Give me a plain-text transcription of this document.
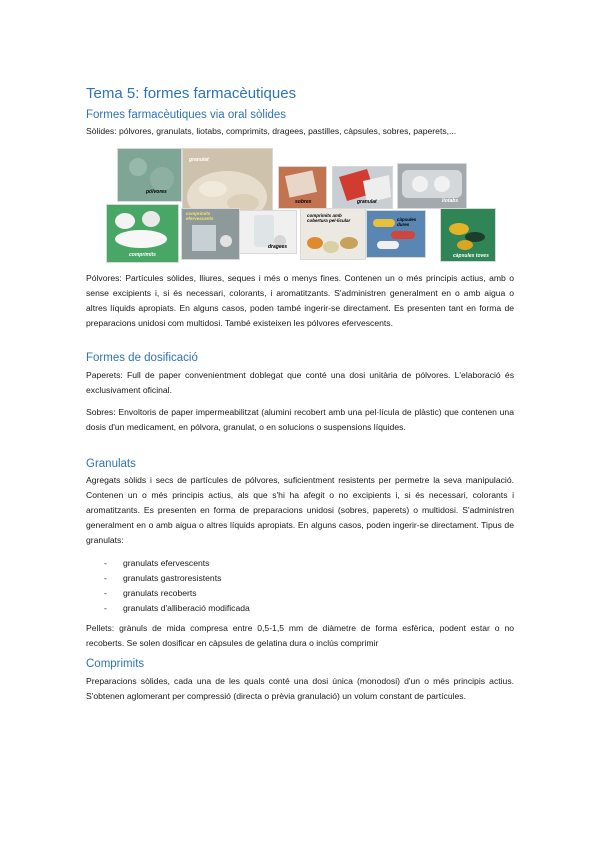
Tema 5: formes farmacèutiques
Formes farmacèutiques via oral sòlides
Sòlides: pólvores, granulats, liotabs, comprimits, dragees, pastilles, càpsules, sobres, paperets,...
pólvores
granulat
sobres	granulat	liotabs
comprimits
comprimits efervescents
dragees
comprimits amb cobertura pel·licular	càpsules dures
càpsules toves
Pólvores: Partícules sòlides, lliures, seques i més o menys fines. Contenen un o més principis actius, amb o sense excipients i, si és necessari, colorants, i aromatitzants. S'administren generalment en o amb aigua o altres líquids apropiats. En alguns casos, poden també ingerir-se directament. Es presenten tant en forma de preparacions unidosi com multidosi. També existeixen les pólvores efervescents.
Formes de dosificació
Paperets: Full de paper convenientment doblegat que conté una dosi unitària de pólvores. L'elaboració és exclusivament oficinal.
Sobres: Envoltoris de paper impermeabilitzat (alumini recobert amb una pel·lícula de plàstic) que contenen una dosis d'un medicament, en pólvora, granulat, o en solucions o suspensions líquides.
Granulats
Agregats sòlids i secs de partícules de pólvores, suficientment resistents per permetre la seva manipulació. Contenen un o més principis actius, als que s'hi ha afegit o no excipients i, si és necessari, colorants i aromatitzants. Es presenten en forma de preparacions unidosi (sobres, paperets) o multidosi. S'administren generalment en o amb aigua o altres líquids apropiats. En alguns casos, poden ingerir-se directament. Tipus de granulats:
- granulats efervescents
- granulats gastroresistents
- granulats recoberts
- granulats d'alliberació modificada
Pellets: grànuls de mida compresa entre 0,5-1,5 mm de diàmetre de forma esfèrica, podent estar o no recoberts. Se solen dosificar en càpsules de gelatina dura o inclús comprimir
Comprimits
Preparacions sòlides, cada una de les quals conté una dosi única (monodosi) d'un o més principis actius. S'obtenen aglomerant per compressió (directa o prèvia granulació) un volum constant de partícules.
